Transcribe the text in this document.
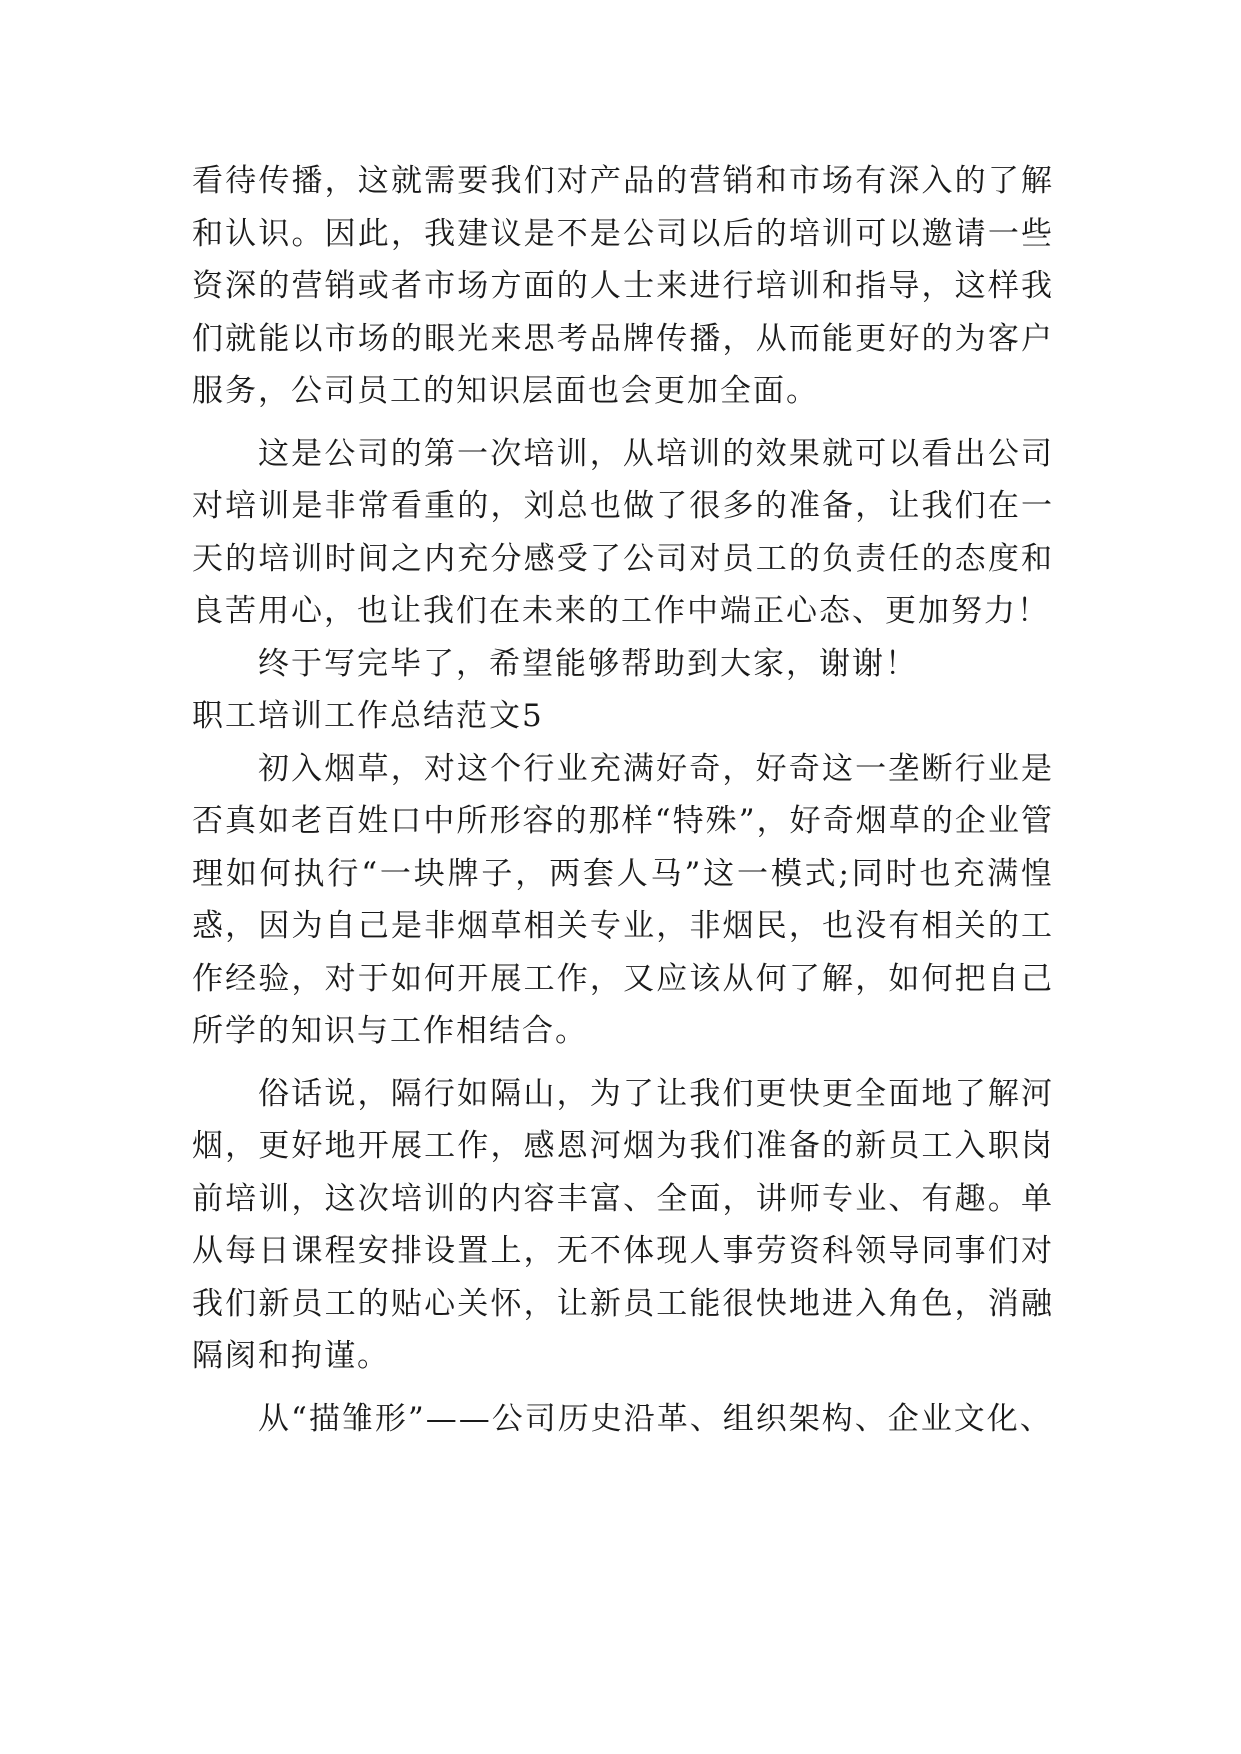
看待传播，这就需要我们对产品的营销和市场有深入的了解和认识。因此，我建议是不是公司以后的培训可以邀请一些资深的营销或者市场方面的人士来进行培训和指导，这样我们就能以市场的眼光来思考品牌传播，从而能更好的为客户服务，公司员工的知识层面也会更加全面。

这是公司的第一次培训，从培训的效果就可以看出公司对培训是非常看重的，刘总也做了很多的准备，让我们在一天的培训时间之内充分感受了公司对员工的负责任的态度和良苦用心，也让我们在未来的工作中端正心态、更加努力！

终于写完毕了，希望能够帮助到大家，谢谢！

职工培训工作总结范文5

初入烟草，对这个行业充满好奇，好奇这一垄断行业是否真如老百姓口中所形容的那样“特殊”，好奇烟草的企业管理如何执行“一块牌子，两套人马”这一模式;同时也充满惶惑，因为自己是非烟草相关专业，非烟民，也没有相关的工作经验，对于如何开展工作，又应该从何了解，如何把自己所学的知识与工作相结合。

俗话说，隔行如隔山，为了让我们更快更全面地了解河烟，更好地开展工作，感恩河烟为我们准备的新员工入职岗前培训，这次培训的内容丰富、全面，讲师专业、有趣。单从每日课程安排设置上，无不体现人事劳资科领导同事们对我们新员工的贴心关怀，让新员工能很快地进入角色，消融隔阂和拘谨。

从“描雏形”——公司历史沿革、组织架构、企业文化、
